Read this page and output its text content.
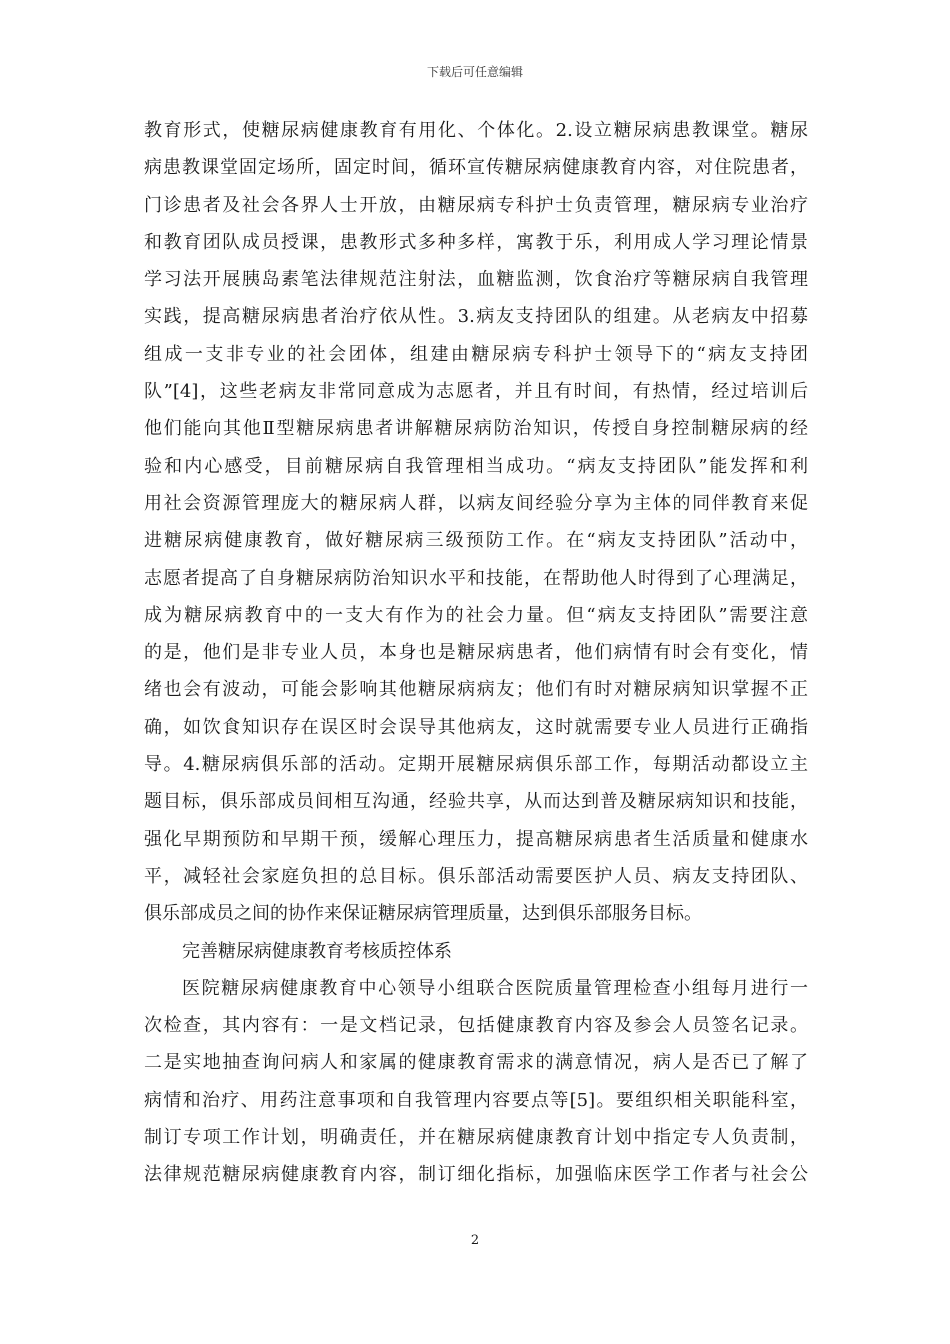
下载后可任意编辑
教育形式，使糖尿病健康教育有用化、个体化。2.设立糖尿病患教课堂。糖尿
病患教课堂固定场所，固定时间，循环宣传糖尿病健康教育内容，对住院患者，
门诊患者及社会各界人士开放，由糖尿病专科护士负责管理，糖尿病专业治疗
和教育团队成员授课，患教形式多种多样，寓教于乐，利用成人学习理论情景
学习法开展胰岛素笔法律规范注射法，血糖监测，饮食治疗等糖尿病自我管理
实践，提高糖尿病患者治疗依从性。3.病友支持团队的组建。从老病友中招募
组成一支非专业的社会团体，组建由糖尿病专科护士领导下的“病友支持团
队”[4]，这些老病友非常同意成为志愿者，并且有时间，有热情，经过培训后
他们能向其他Ⅱ型糖尿病患者讲解糖尿病防治知识，传授自身控制糖尿病的经
验和内心感受，目前糖尿病自我管理相当成功。“病友支持团队”能发挥和利
用社会资源管理庞大的糖尿病人群，以病友间经验分享为主体的同伴教育来促
进糖尿病健康教育，做好糖尿病三级预防工作。在“病友支持团队”活动中，
志愿者提高了自身糖尿病防治知识水平和技能，在帮助他人时得到了心理满足，
成为糖尿病教育中的一支大有作为的社会力量。但“病友支持团队”需要注意
的是，他们是非专业人员，本身也是糖尿病患者，他们病情有时会有变化，情
绪也会有波动，可能会影响其他糖尿病病友；他们有时对糖尿病知识掌握不正
确，如饮食知识存在误区时会误导其他病友，这时就需要专业人员进行正确指
导。4.糖尿病俱乐部的活动。定期开展糖尿病俱乐部工作，每期活动都设立主
题目标，俱乐部成员间相互沟通，经验共享，从而达到普及糖尿病知识和技能，
强化早期预防和早期干预，缓解心理压力，提高糖尿病患者生活质量和健康水
平，减轻社会家庭负担的总目标。俱乐部活动需要医护人员、病友支持团队、
俱乐部成员之间的协作来保证糖尿病管理质量，达到俱乐部服务目标。
完善糖尿病健康教育考核质控体系
医院糖尿病健康教育中心领导小组联合医院质量管理检查小组每月进行一
次检查，其内容有：一是文档记录，包括健康教育内容及参会人员签名记录。
二是实地抽查询问病人和家属的健康教育需求的满意情况，病人是否已了解了
病情和治疗、用药注意事项和自我管理内容要点等[5]。要组织相关职能科室，
制订专项工作计划，明确责任，并在糖尿病健康教育计划中指定专人负责制，
法律规范糖尿病健康教育内容，制订细化指标，加强临床医学工作者与社会公
2
